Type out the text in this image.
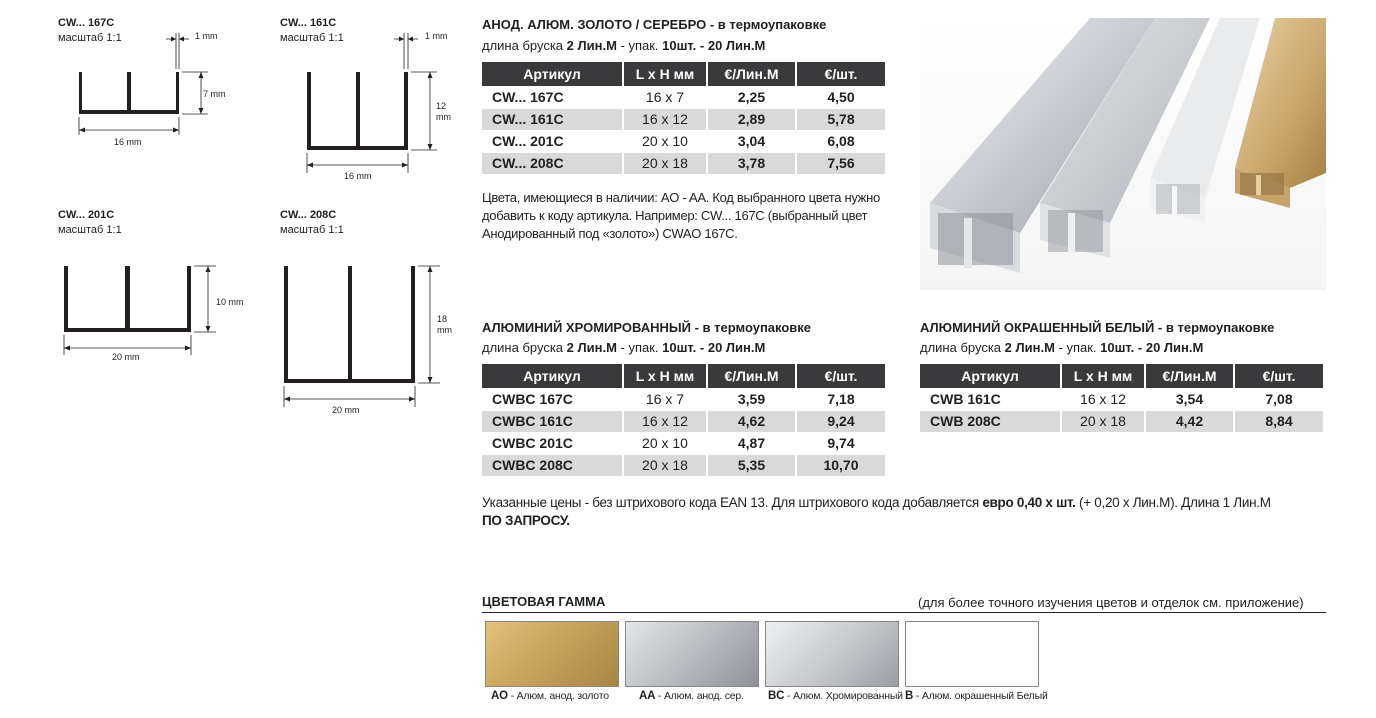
CW... 167C
масштаб 1:1	1 mm
7 mm
16 mm
CW... 161C
масштаб 1:1	1 mm
12
mm
16 mm
CW... 201C
масштаб 1:1
10 mm
20 mm
CW... 208C
масштаб 1:1
18
mm
20 mm
АНОД. АЛЮМ. ЗОЛОТО / СЕРЕБРО - в термоупаковке
длина бруска 2 Лин.М - упак. 10шт. - 20 Лин.М
Артикул	L x H мм	€/Лин.М	€/шт.
CW... 167C	16 x 7	2,25	4,50
CW... 161C	16 x 12	2,89	5,78
CW... 201C	20 x 10	3,04	6,08
CW... 208C	20 x 18	3,78	7,56
Цвета, имеющиеся в наличии: AO - AA. Код выбранного цвета нужно
добавить к коду артикула. Например: CW... 167C (выбранный цвет
Анодированный под «золото») CWAO 167C.
АЛЮМИНИЙ ХРОМИРОВАННЫЙ - в термоупаковке
длина бруска 2 Лин.М - упак. 10шт. - 20 Лин.М
Артикул	L x H мм	€/Лин.М	€/шт.
CWBC 167C	16 x 7	3,59	7,18
CWBC 161C	16 x 12	4,62	9,24
CWBC 201C	20 x 10	4,87	9,74
CWBC 208C	20 x 18	5,35	10,70
АЛЮМИНИЙ ОКРАШЕННЫЙ БЕЛЫЙ - в термоупаковке
длина бруска 2 Лин.М - упак. 10шт. - 20 Лин.М
Артикул	L x H мм	€/Лин.М	€/шт.
CWB 161C	16 x 12	3,54	7,08
CWB 208C	20 x 18	4,42	8,84
Указанные цены - без штрихового кода EAN 13. Для штрихового кода добавляется евро 0,40 х шт. (+ 0,20 х Лин.М). Длина 1 Лин.М
ПО ЗАПРОСУ.
ЦВЕТОВАЯ ГАММА	(для более точного изучения цветов и отделок см. приложение)
AO - Алюм. анод. золото	AA - Алюм. анод. сер. BC - Алюм. Хромированный B - Алюм. окрашенный Белый
